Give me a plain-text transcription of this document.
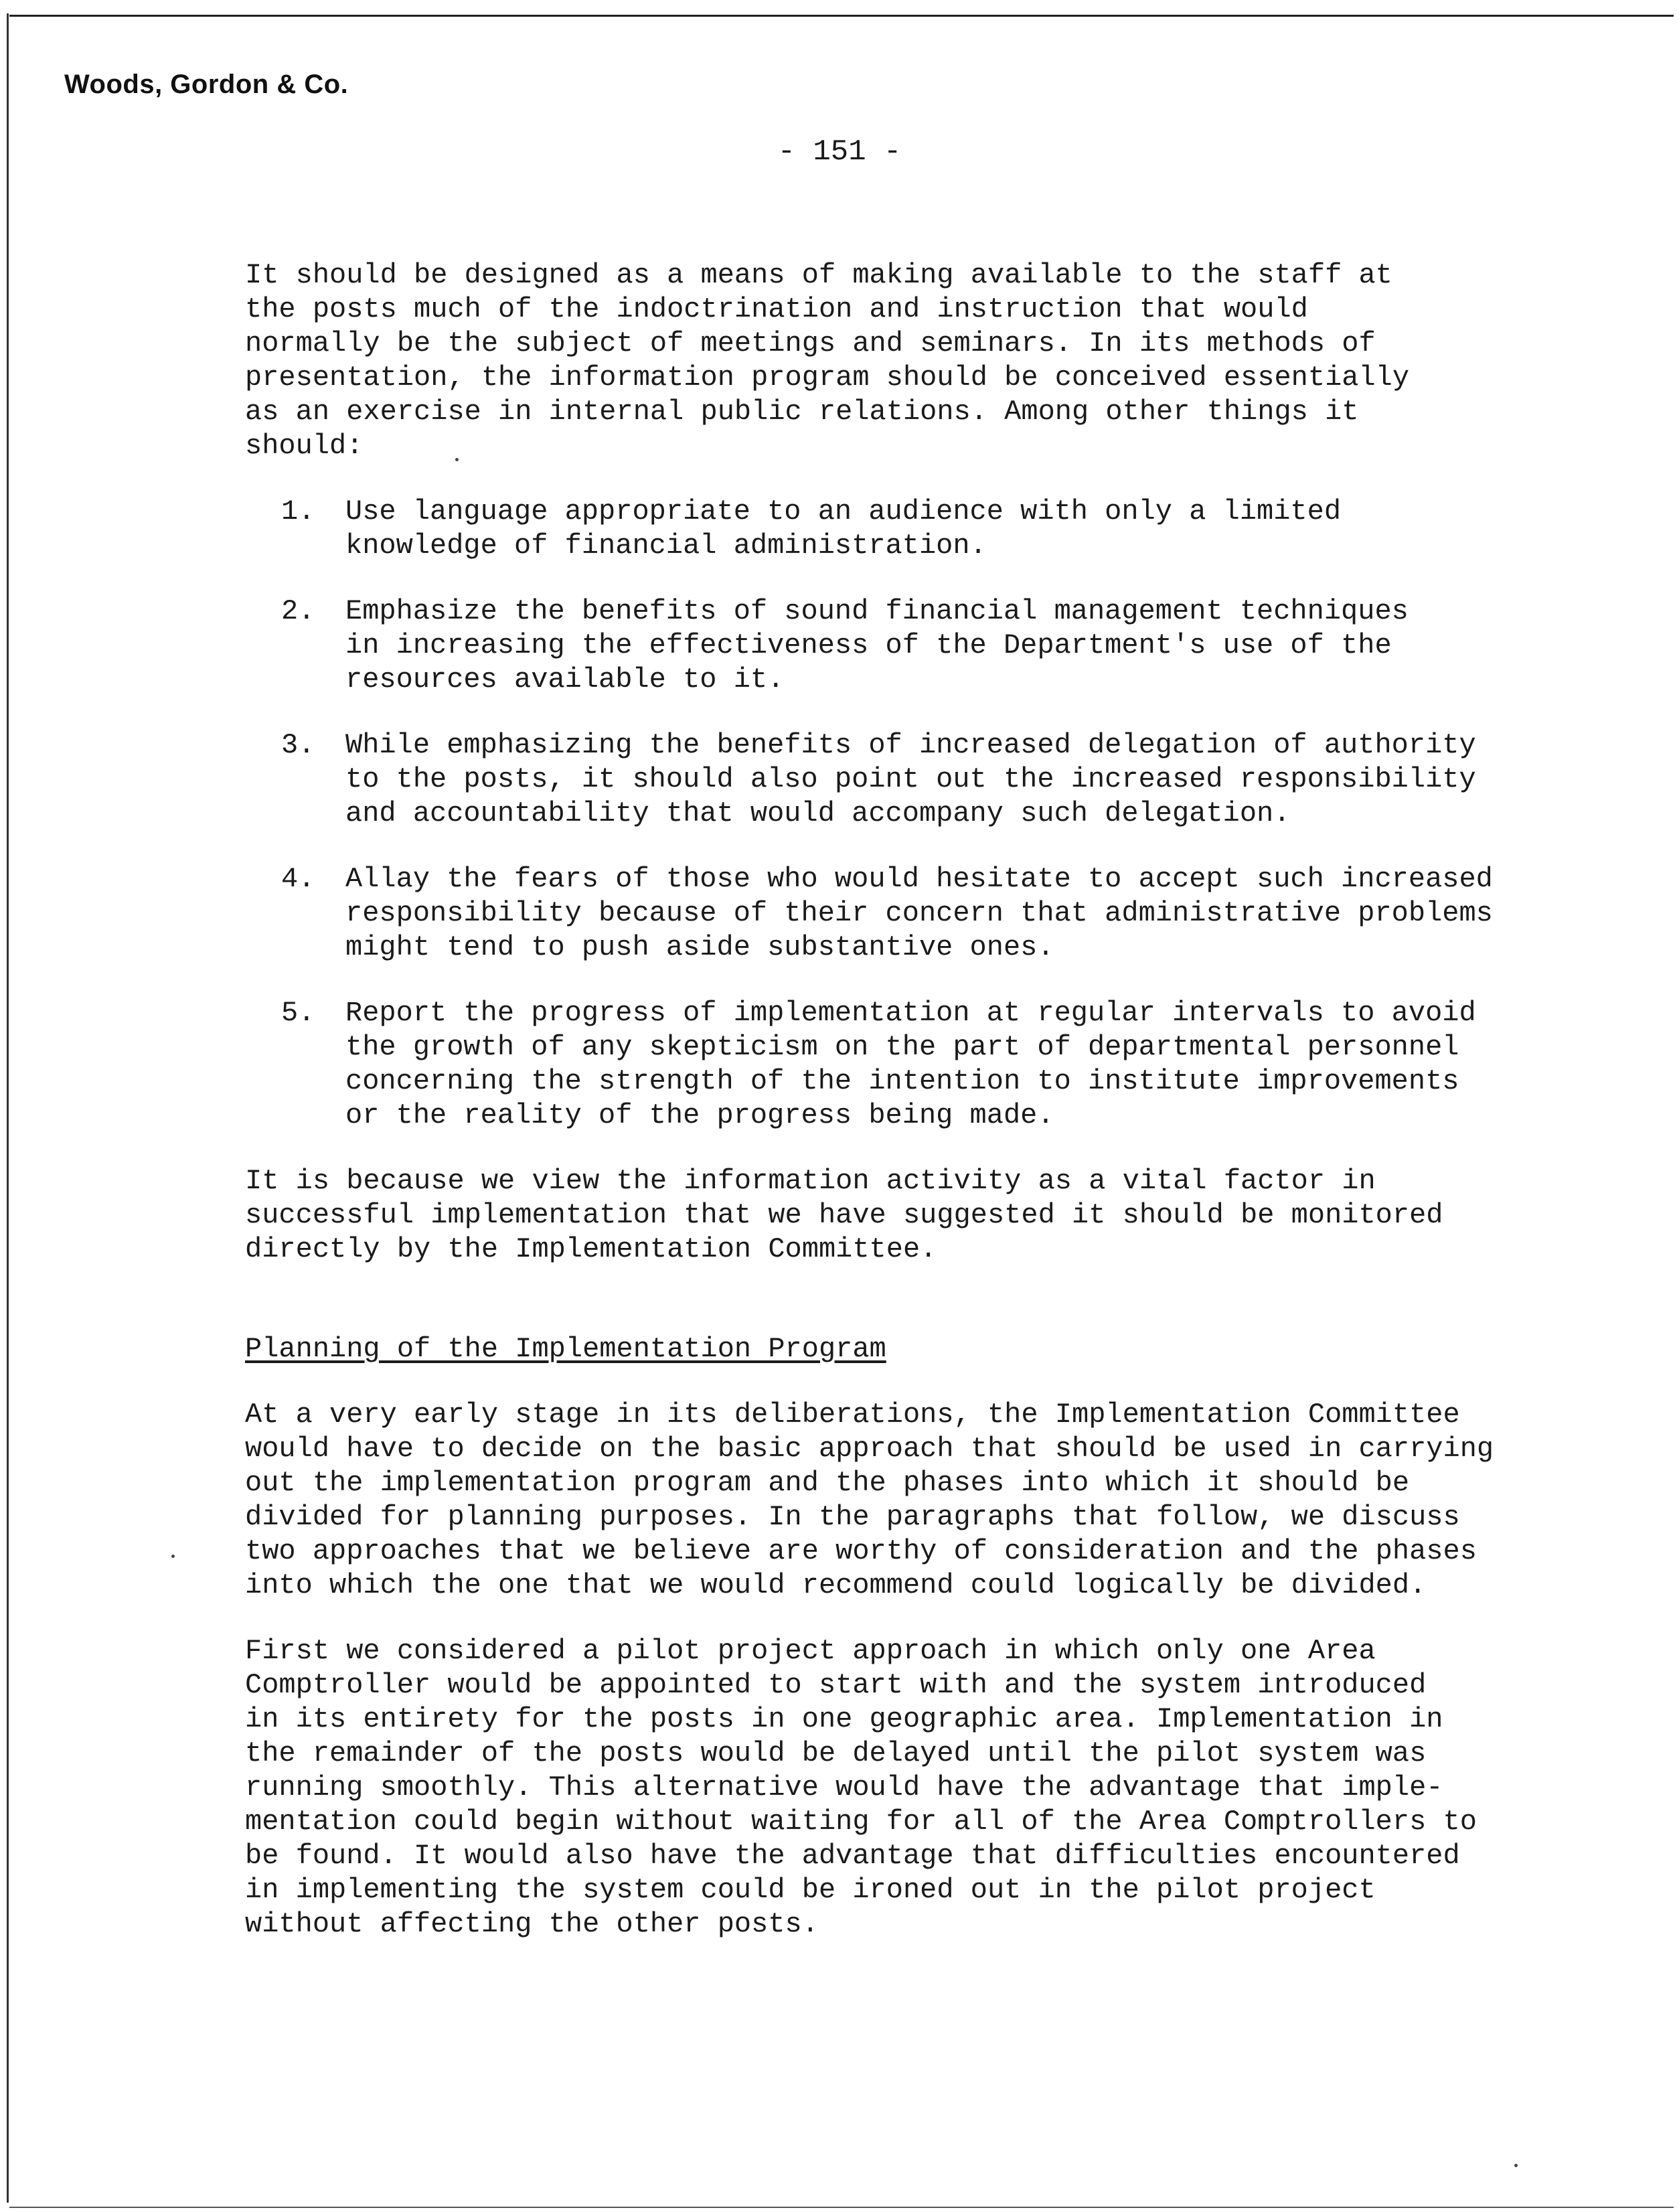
Woods, Gordon & Co.
- 151 -

It should be designed as a means of making available to the staff at
the posts much of the indoctrination and instruction that would
normally be the subject of meetings and seminars. In its methods of
presentation, the information program should be conceived essentially
as an exercise in internal public relations. Among other things it
should:

1.	Use language appropriate to an audience with only a limited
knowledge of financial administration.
2.	Emphasize the benefits of sound financial management techniques
in increasing the effectiveness of the Department's use of the
resources available to it.
3.	While emphasizing the benefits of increased delegation of authority
to the posts, it should also point out the increased responsibility
and accountability that would accompany such delegation.
4.	Allay the fears of those who would hesitate to accept such increased
responsibility because of their concern that administrative problems
might tend to push aside substantive ones.
5.	Report the progress of implementation at regular intervals to avoid
the growth of any skepticism on the part of departmental personnel
concerning the strength of the intention to institute improvements
or the reality of the progress being made.

It is because we view the information activity as a vital factor in
successful implementation that we have suggested it should be monitored
directly by the Implementation Committee.

Planning of the Implementation Program

At a very early stage in its deliberations, the Implementation Committee
would have to decide on the basic approach that should be used in carrying
out the implementation program and the phases into which it should be
divided for planning purposes. In the paragraphs that follow, we discuss
two approaches that we believe are worthy of consideration and the phases
into which the one that we would recommend could logically be divided.

First we considered a pilot project approach in which only one Area
Comptroller would be appointed to start with and the system introduced
in its entirety for the posts in one geographic area. Implementation in
the remainder of the posts would be delayed until the pilot system was
running smoothly. This alternative would have the advantage that imple-
mentation could begin without waiting for all of the Area Comptrollers to
be found. It would also have the advantage that difficulties encountered
in implementing the system could be ironed out in the pilot project
without affecting the other posts.
